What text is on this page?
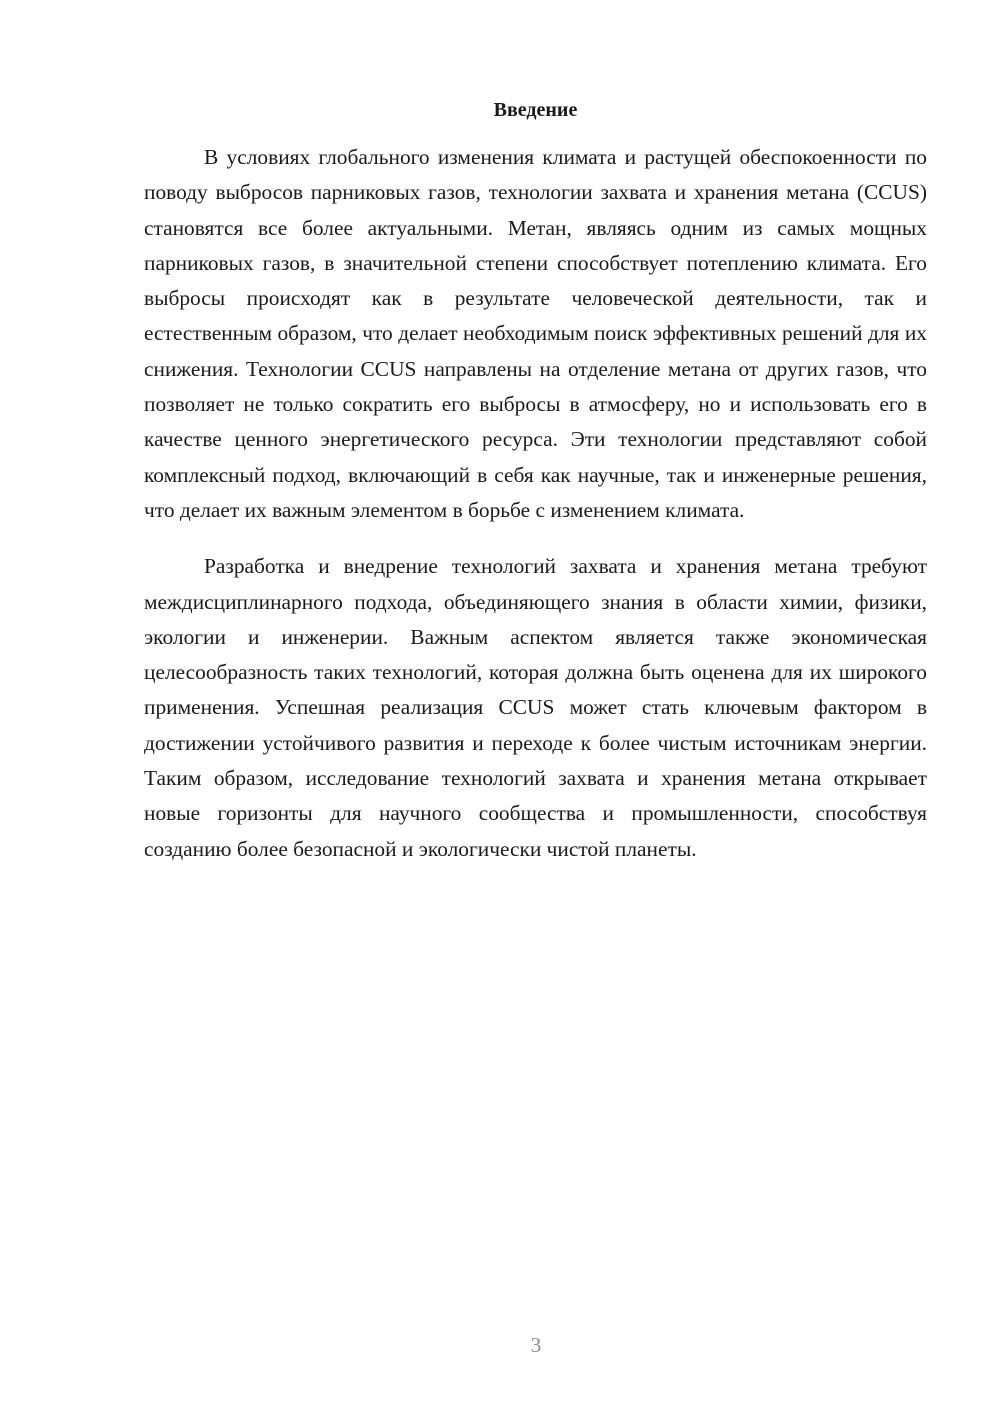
Введение

В условиях глобального изменения климата и растущей обеспокоенности по поводу выбросов парниковых газов, технологии захвата и хранения метана (CCUS) становятся все более актуальными. Метан, являясь одним из самых мощных парниковых газов, в значительной степени способствует потеплению климата. Его выбросы происходят как в результате человеческой деятельности, так и естественным образом, что делает необходимым поиск эффективных решений для их снижения. Технологии CCUS направлены на отделение метана от других газов, что позволяет не только сократить его выбросы в атмосферу, но и использовать его в качестве ценного энергетического ресурса. Эти технологии представляют собой комплексный подход, включающий в себя как научные, так и инженерные решения, что делает их важным элементом в борьбе с изменением климата.

Разработка и внедрение технологий захвата и хранения метана требуют междисциплинарного подхода, объединяющего знания в области химии, физики, экологии и инженерии. Важным аспектом является также экономическая целесообразность таких технологий, которая должна быть оценена для их широкого применения. Успешная реализация CCUS может стать ключевым фактором в достижении устойчивого развития и переходе к более чистым источникам энергии. Таким образом, исследование технологий захвата и хранения метана открывает новые горизонты для научного сообщества и промышленности, способствуя созданию более безопасной и экологически чистой планеты.

3
